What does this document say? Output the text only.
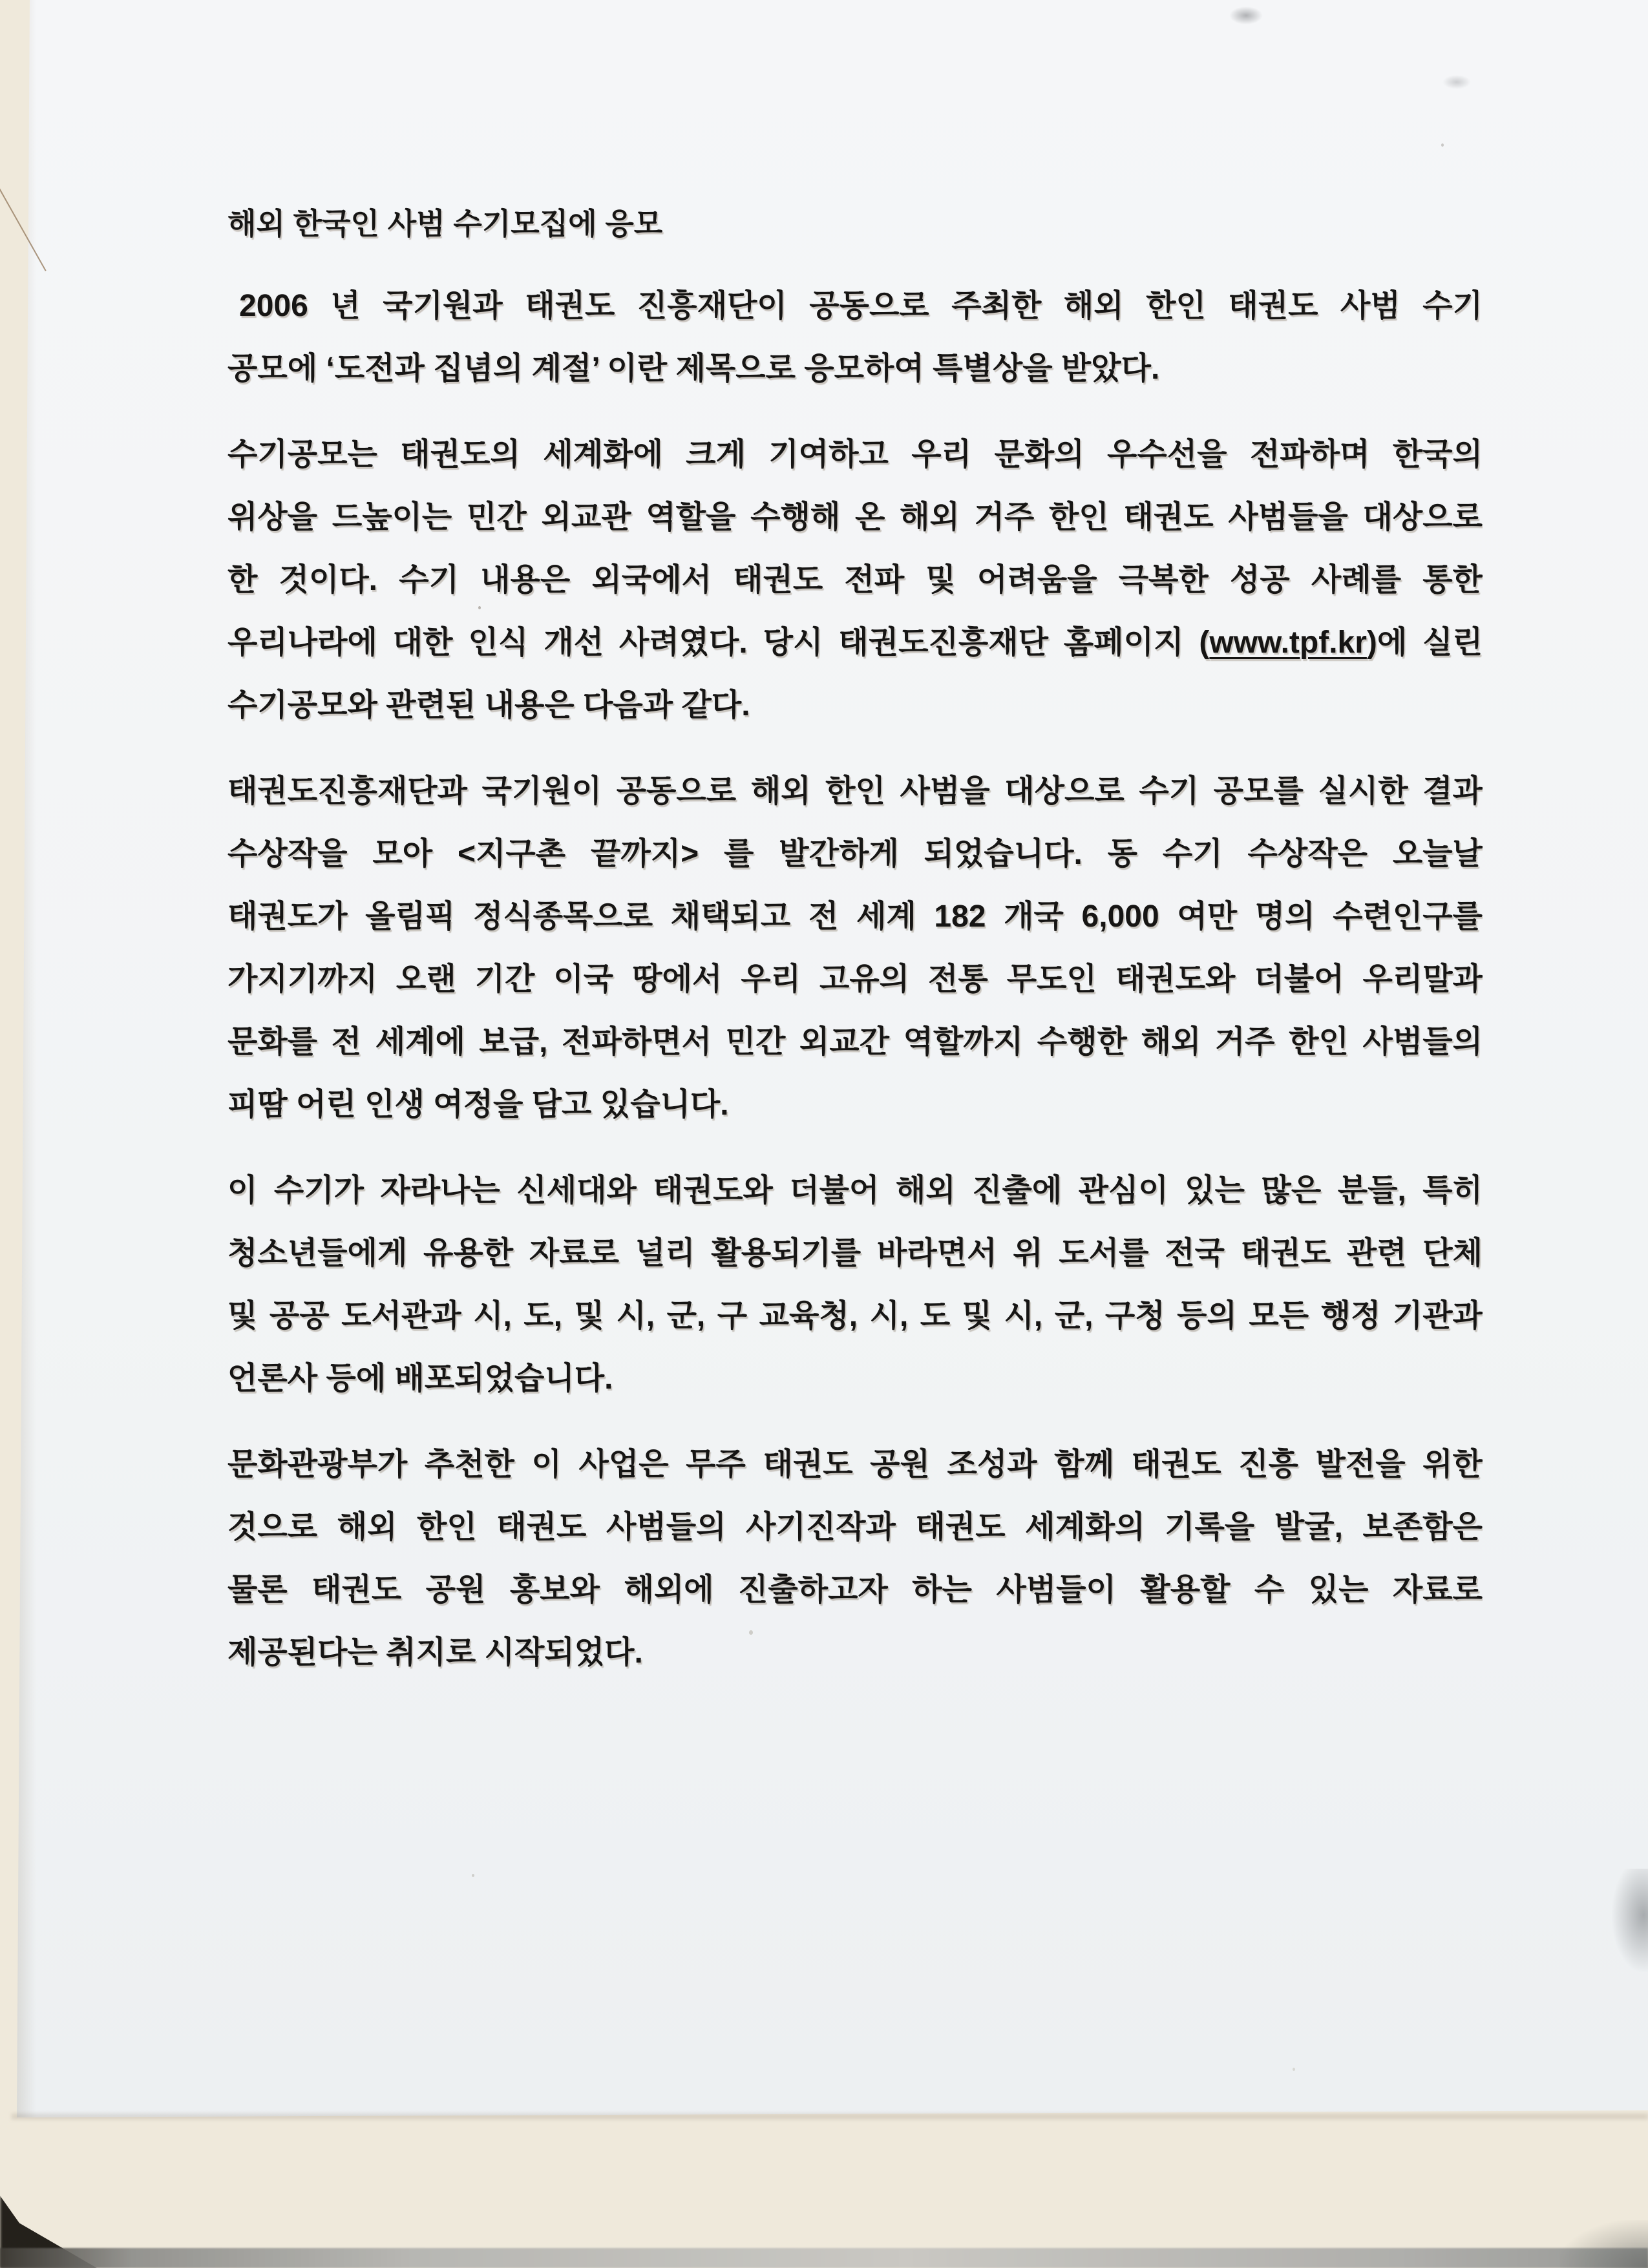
해외 한국인 사범 수기모집에 응모
2006 년 국기원과 태권도 진흥재단이 공동으로 주최한 해외 한인 태권도 사범 수기
공모에 ‘도전과 집념의 계절’ 이란 제목으로 응모하여 특별상을 받았다.
수기공모는 태권도의 세계화에 크게 기여하고 우리 문화의 우수선을 전파하며 한국의
위상을 드높이는 민간 외교관 역할을 수행해 온 해외 거주 한인 태권도 사범들을 대상으로
한 것이다. 수기 내용은 외국에서 태권도 전파 및 어려움을 극복한 성공 사례를 통한
우리나라에 대한 인식 개선 사려였다. 당시 태권도진흥재단 홈페이지 (www.tpf.kr)에 실린
수기공모와 관련된 내용은 다음과 같다.
태권도진흥재단과 국기원이 공동으로 해외 한인 사범을 대상으로 수기 공모를 실시한 결과
수상작을 모아 <지구촌 끝까지> 를 발간하게 되었습니다. 동 수기 수상작은 오늘날
태권도가 올림픽 정식종목으로 채택되고 전 세계 182 개국 6,000 여만 명의 수련인구를
가지기까지 오랜 기간 이국 땅에서 우리 고유의 전통 무도인 태권도와 더불어 우리말과
문화를 전 세계에 보급, 전파하면서 민간 외교간 역할까지 수행한 해외 거주 한인 사범들의
피땀 어린 인생 여정을 담고 있습니다.
이 수기가 자라나는 신세대와 태권도와 더불어 해외 진출에 관심이 있는 많은 분들, 특히
청소년들에게 유용한 자료로 널리 활용되기를 바라면서 위 도서를 전국 태권도 관련 단체
및 공공 도서관과 시, 도, 및 시, 군, 구 교육청, 시, 도 및 시, 군, 구청 등의 모든 행정 기관과
언론사 등에 배포되었습니다.
문화관광부가 추천한 이 사업은 무주 태권도 공원 조성과 함께 태권도 진흥 발전을 위한
것으로 해외 한인 태권도 사범들의 사기진작과 태권도 세계화의 기록을 발굴, 보존함은
물론 태권도 공원 홍보와 해외에 진출하고자 하는 사범들이 활용할 수 있는 자료로
제공된다는 취지로 시작되었다.
